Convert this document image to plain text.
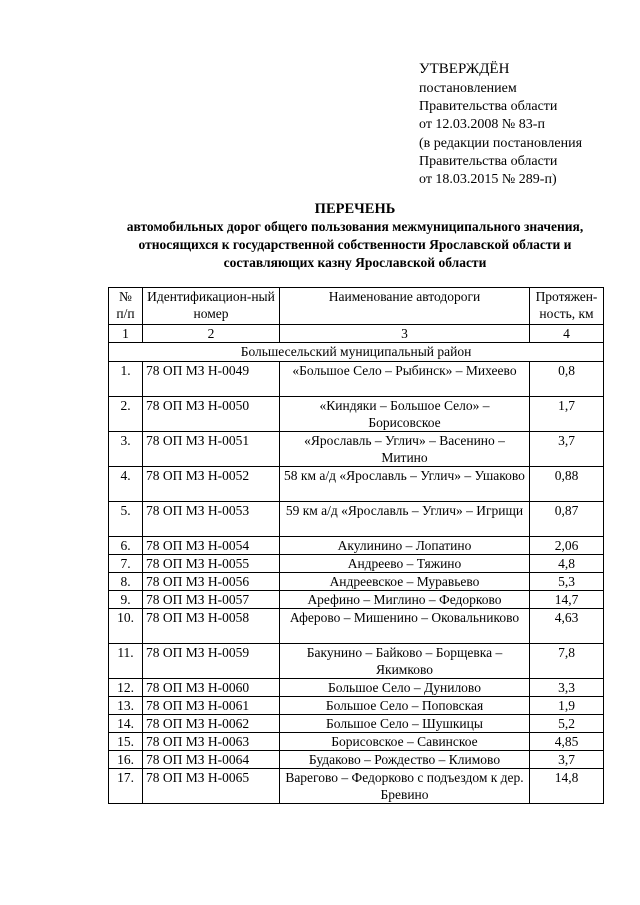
УТВЕРЖДЁН
постановлением
Правительства области
от 12.03.2008 № 83-п
(в редакции постановления
Правительства области
от 18.03.2015 № 289-п)
ПЕРЕЧЕНЬ
автомобильных дорог общего пользования межмуниципального значения, относящихся к государственной собственности Ярославской области и составляющих казну Ярославской области
№ п/п	Идентификацион-ный номер	Наименование автодороги	Протяжен-ность, км
1	2	3	4
Большесельский муниципальный район			
1.	78 ОП МЗ Н-0049	«Большое Село – Рыбинск» – Михеево	0,8
2.	78 ОП МЗ Н-0050	«Киндяки – Большое Село» – Борисовское	1,7
3.	78 ОП МЗ Н-0051	«Ярославль – Углич» – Васенино – Митино	3,7
4.	78 ОП МЗ Н-0052	58 км а/д «Ярославль – Углич» – Ушаково	0,88
5.	78 ОП МЗ Н-0053	59 км а/д «Ярославль – Углич» – Игрищи	0,87
6.	78 ОП МЗ Н-0054	Акулинино – Лопатино	2,06
7.	78 ОП МЗ Н-0055	Андреево – Тяжино	4,8
8.	78 ОП МЗ Н-0056	Андреевское – Муравьево	5,3
9.	78 ОП МЗ Н-0057	Арефино – Миглино – Федорково	14,7
10.	78 ОП МЗ Н-0058	Аферово – Мишенино – Оковальниково	4,63
11.	78 ОП МЗ Н-0059	Бакунино – Байково – Борщевка – Якимково	7,8
12.	78 ОП МЗ Н-0060	Большое Село – Дунилово	3,3
13.	78 ОП МЗ Н-0061	Большое Село – Поповская	1,9
14.	78 ОП МЗ Н-0062	Большое Село – Шушкицы	5,2
15.	78 ОП МЗ Н-0063	Борисовское – Савинское	4,85
16.	78 ОП МЗ Н-0064	Будаково – Рождество – Климово	3,7
17.	78 ОП МЗ Н-0065	Варегово – Федорково с подъездом к дер. Бревино	14,8
